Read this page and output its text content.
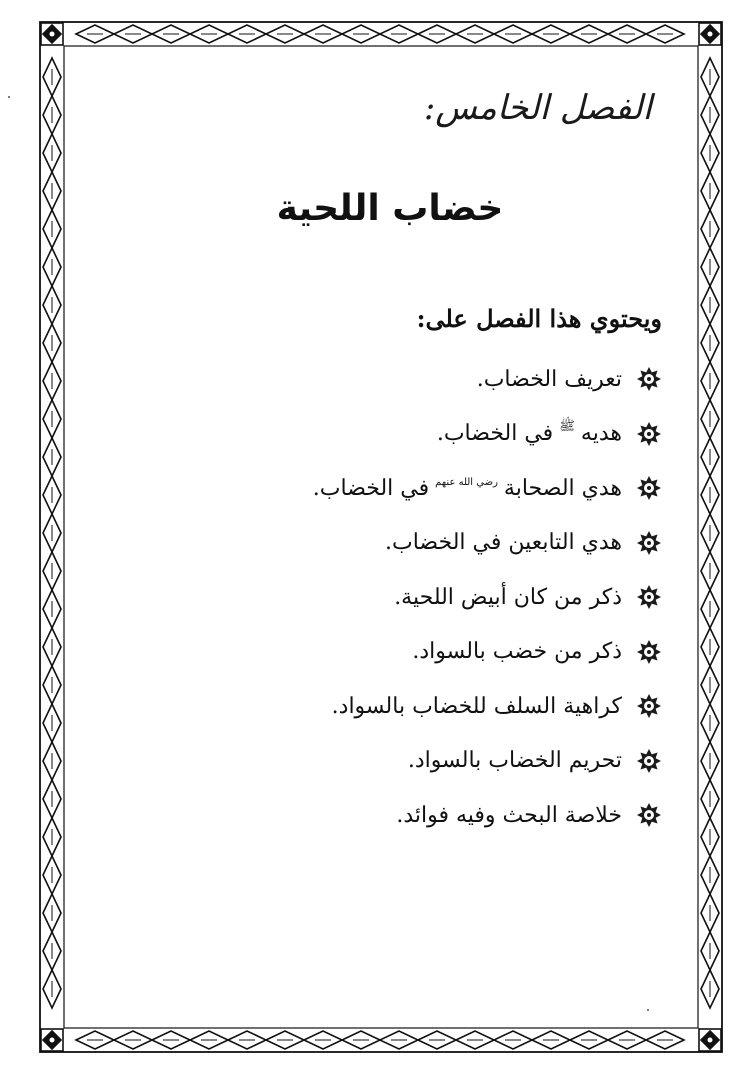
الفصل الخامس:
خضاب اللحية
ويحتوي هذا الفصل على:
تعريف الخضاب.
هديه
ﷺ
في الخضاب.
هدي الصحابة
رضي الله عنهم
في الخضاب.
هدي التابعين في الخضاب.
ذكر من كان أبيض اللحية.
ذكر من خضب بالسواد.
كراهية السلف للخضاب بالسواد.
تحريم الخضاب بالسواد.
خلاصة البحث وفيه فوائد.
